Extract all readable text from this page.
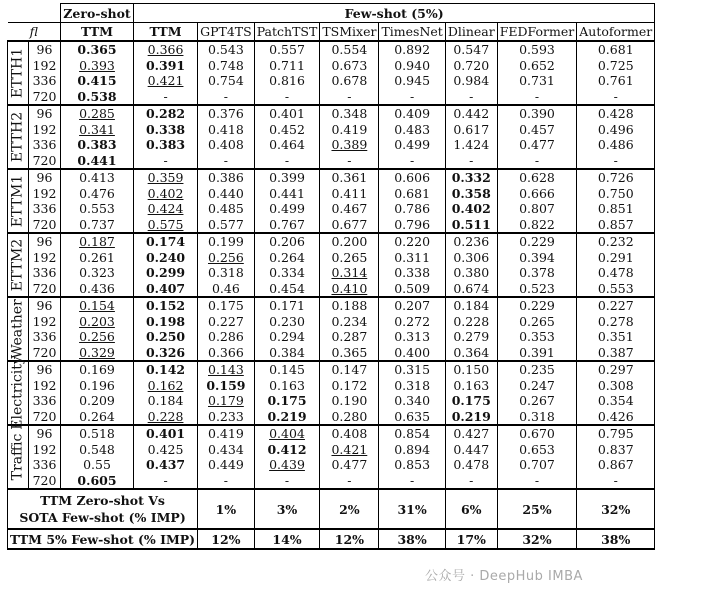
		Zero-shot	Few-shot (5%)							
fl		TTM	TTM	GPT4TS	PatchTST	TSMixer	TimesNet	Dlinear	FEDFormer	Autoformer

ETTH1	96	0.365	0.366	0.543	0.557	0.554	0.892	0.547	0.593	0.681
	192	0.393	0.391	0.748	0.711	0.673	0.940	0.720	0.652	0.725
	336	0.415	0.421	0.754	0.816	0.678	0.945	0.984	0.731	0.761
	720	0.538	-	-	-	-	-	-	-	-

ETTH2	96	0.285	0.282	0.376	0.401	0.348	0.409	0.442	0.390	0.428
	192	0.341	0.338	0.418	0.452	0.419	0.483	0.617	0.457	0.496
	336	0.383	0.383	0.408	0.464	0.389	0.499	1.424	0.477	0.486
	720	0.441	-	-	-	-	-	-	-	-

ETTM1	96	0.413	0.359	0.386	0.399	0.361	0.606	0.332	0.628	0.726
	192	0.476	0.402	0.440	0.441	0.411	0.681	0.358	0.666	0.750
	336	0.553	0.424	0.485	0.499	0.467	0.786	0.402	0.807	0.851
	720	0.737	0.575	0.577	0.767	0.677	0.796	0.511	0.822	0.857

ETTM2	96	0.187	0.174	0.199	0.206	0.200	0.220	0.236	0.229	0.232
	192	0.261	0.240	0.256	0.264	0.265	0.311	0.306	0.394	0.291
	336	0.323	0.299	0.318	0.334	0.314	0.338	0.380	0.378	0.478
	720	0.436	0.407	0.46	0.454	0.410	0.509	0.674	0.523	0.553

Weather	96	0.154	0.152	0.175	0.171	0.188	0.207	0.184	0.229	0.227
	192	0.203	0.198	0.227	0.230	0.234	0.272	0.228	0.265	0.278
	336	0.256	0.250	0.286	0.294	0.287	0.313	0.279	0.353	0.351
	720	0.329	0.326	0.366	0.384	0.365	0.400	0.364	0.391	0.387

Electricity	96	0.169	0.142	0.143	0.145	0.147	0.315	0.150	0.235	0.297
	192	0.196	0.162	0.159	0.163	0.172	0.318	0.163	0.247	0.308
	336	0.209	0.184	0.179	0.175	0.190	0.340	0.175	0.267	0.354
	720	0.264	0.228	0.233	0.219	0.280	0.635	0.219	0.318	0.426

Traffic	96	0.518	0.401	0.419	0.404	0.408	0.854	0.427	0.670	0.795
	192	0.548	0.425	0.434	0.412	0.421	0.894	0.447	0.653	0.837
	336	0.55	0.437	0.449	0.439	0.477	0.853	0.478	0.707	0.867
	720	0.605	-	-	-	-	-	-	-	-

TTM Zero-shot Vs
SOTA Few-shot (% IMP)				1%	3%	2%	31%	6%	25%	32%
TTM 5% Few-shot (% IMP)				12%	14%	12%	38%	17%	32%	38%
公众号 · DeepHub IMBA
